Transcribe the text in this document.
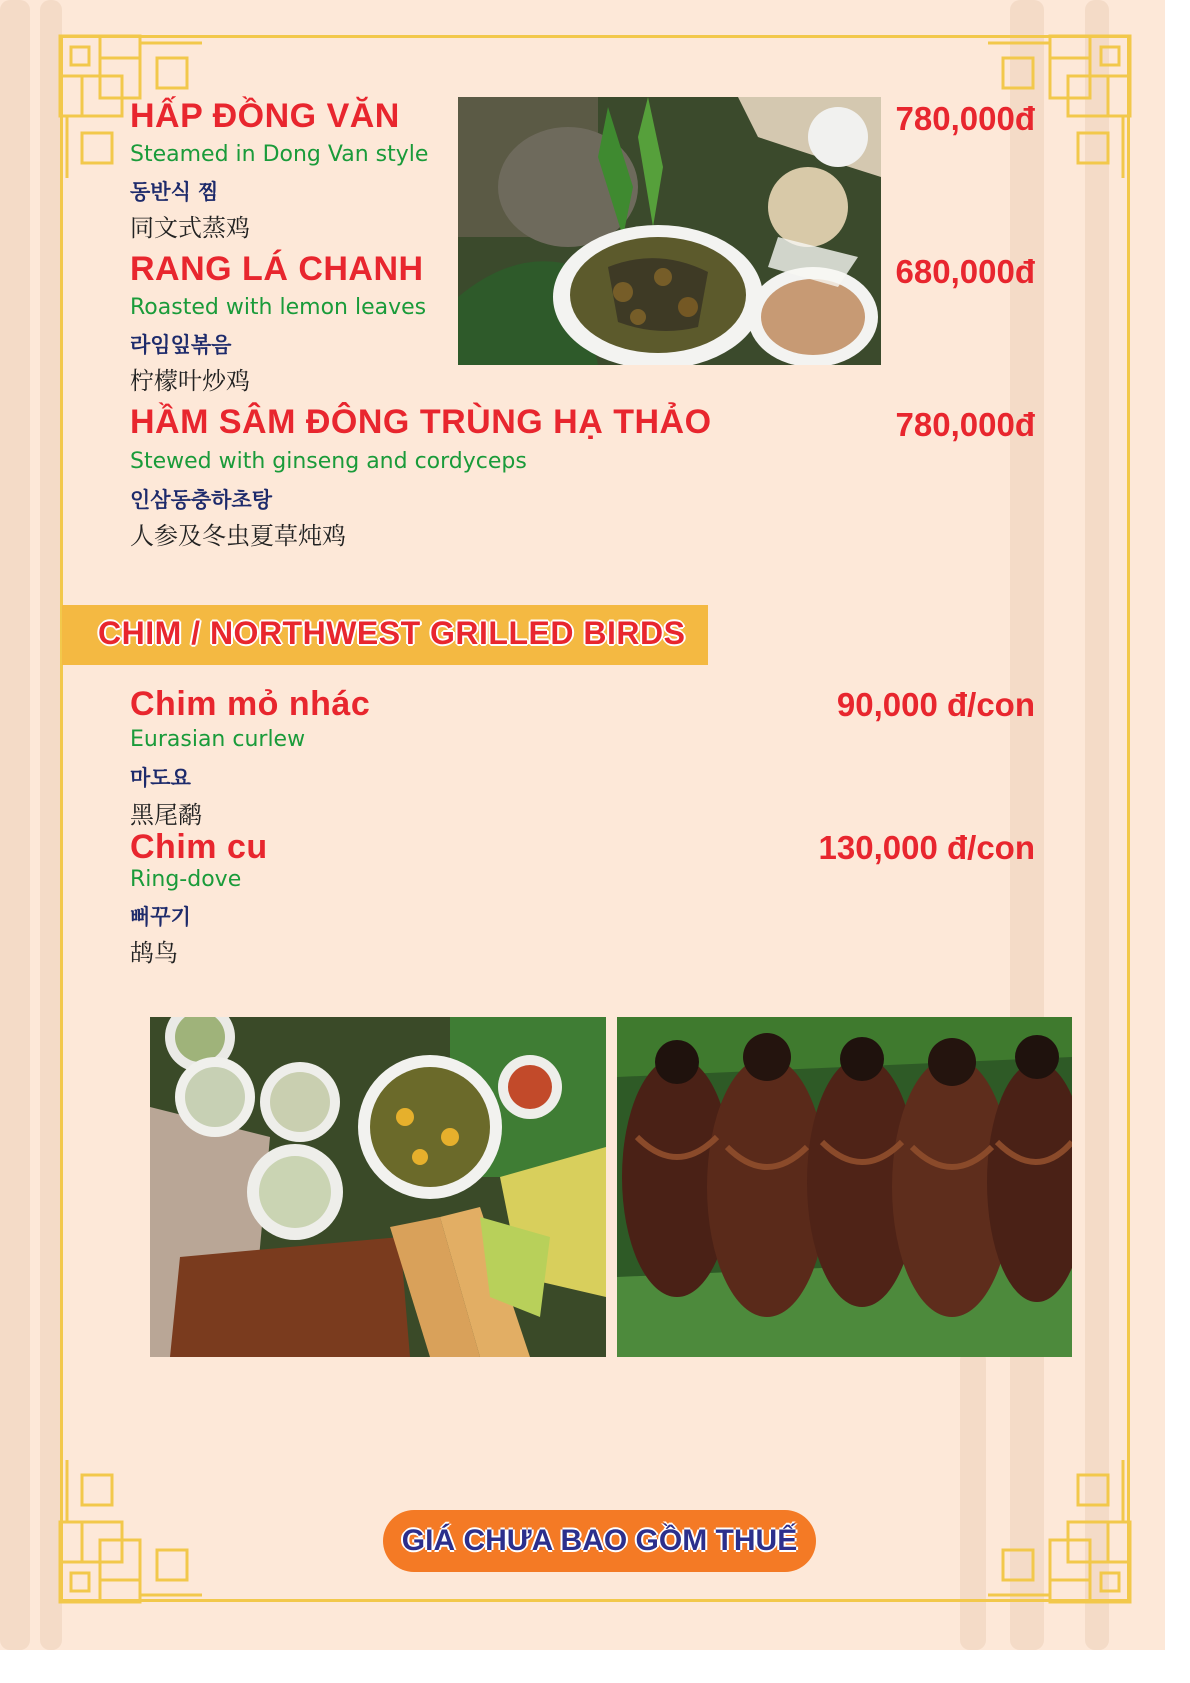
HẤP ĐỒNG VĂN
Steamed in Dong Van style
동반식 찜
同文式蒸鸡
780,000đ
RANG LÁ CHANH
Roasted with lemon leaves
라임잎볶음
柠檬叶炒鸡
680,000đ
HẦM SÂM ĐÔNG TRÙNG HẠ THẢO
Stewed with ginseng and cordyceps
인삼동충하초탕
人参及冬虫夏草炖鸡
780,000đ
CHIM / NORTHWEST GRILLED BIRDS
Chim mỏ nhác
Eurasian curlew
마도요
黑尾鹬
90,000 đ/con
Chim cu
Ring-dove
뻐꾸기
鸪鸟
130,000 đ/con
GIÁ CHƯA BAO GỒM THUẾ
